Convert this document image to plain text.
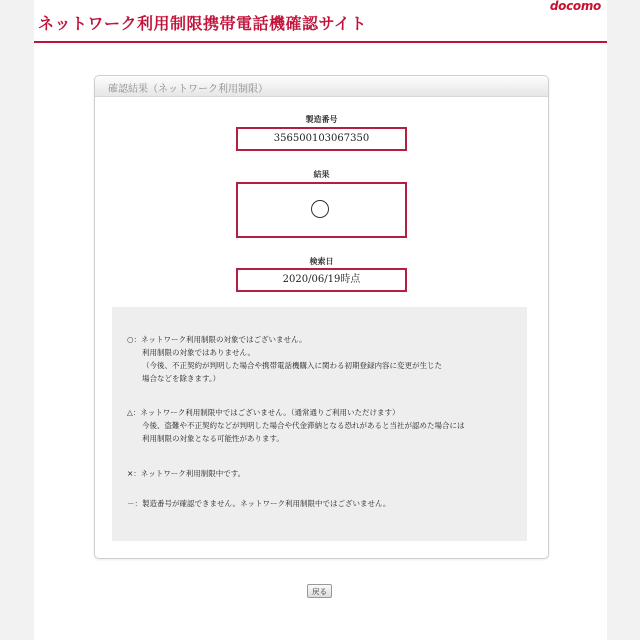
ネットワーク利用制限携帯電話機確認サイト
docomo
確認結果（ネットワーク利用制限）
製造番号
356500103067350
結果
検索日
2020/06/19時点
○：ネットワーク利用制限の対象ではございません。
利用制限の対象ではありません。
（今後、不正契約が判明した場合や携帯電話機購入に関わる初期登録内容に変更が生じた
場合などを除きます。）
△：ネットワーク利用制限中ではございません。（通常通りご利用いただけます）
今後、盗難や不正契約などが判明した場合や代金滞納となる恐れがあると当社が認めた場合には
利用制限の対象となる可能性があります。
×：ネットワーク利用制限中です。
－：製造番号が確認できません。ネットワーク利用制限中ではございません。
戻る
